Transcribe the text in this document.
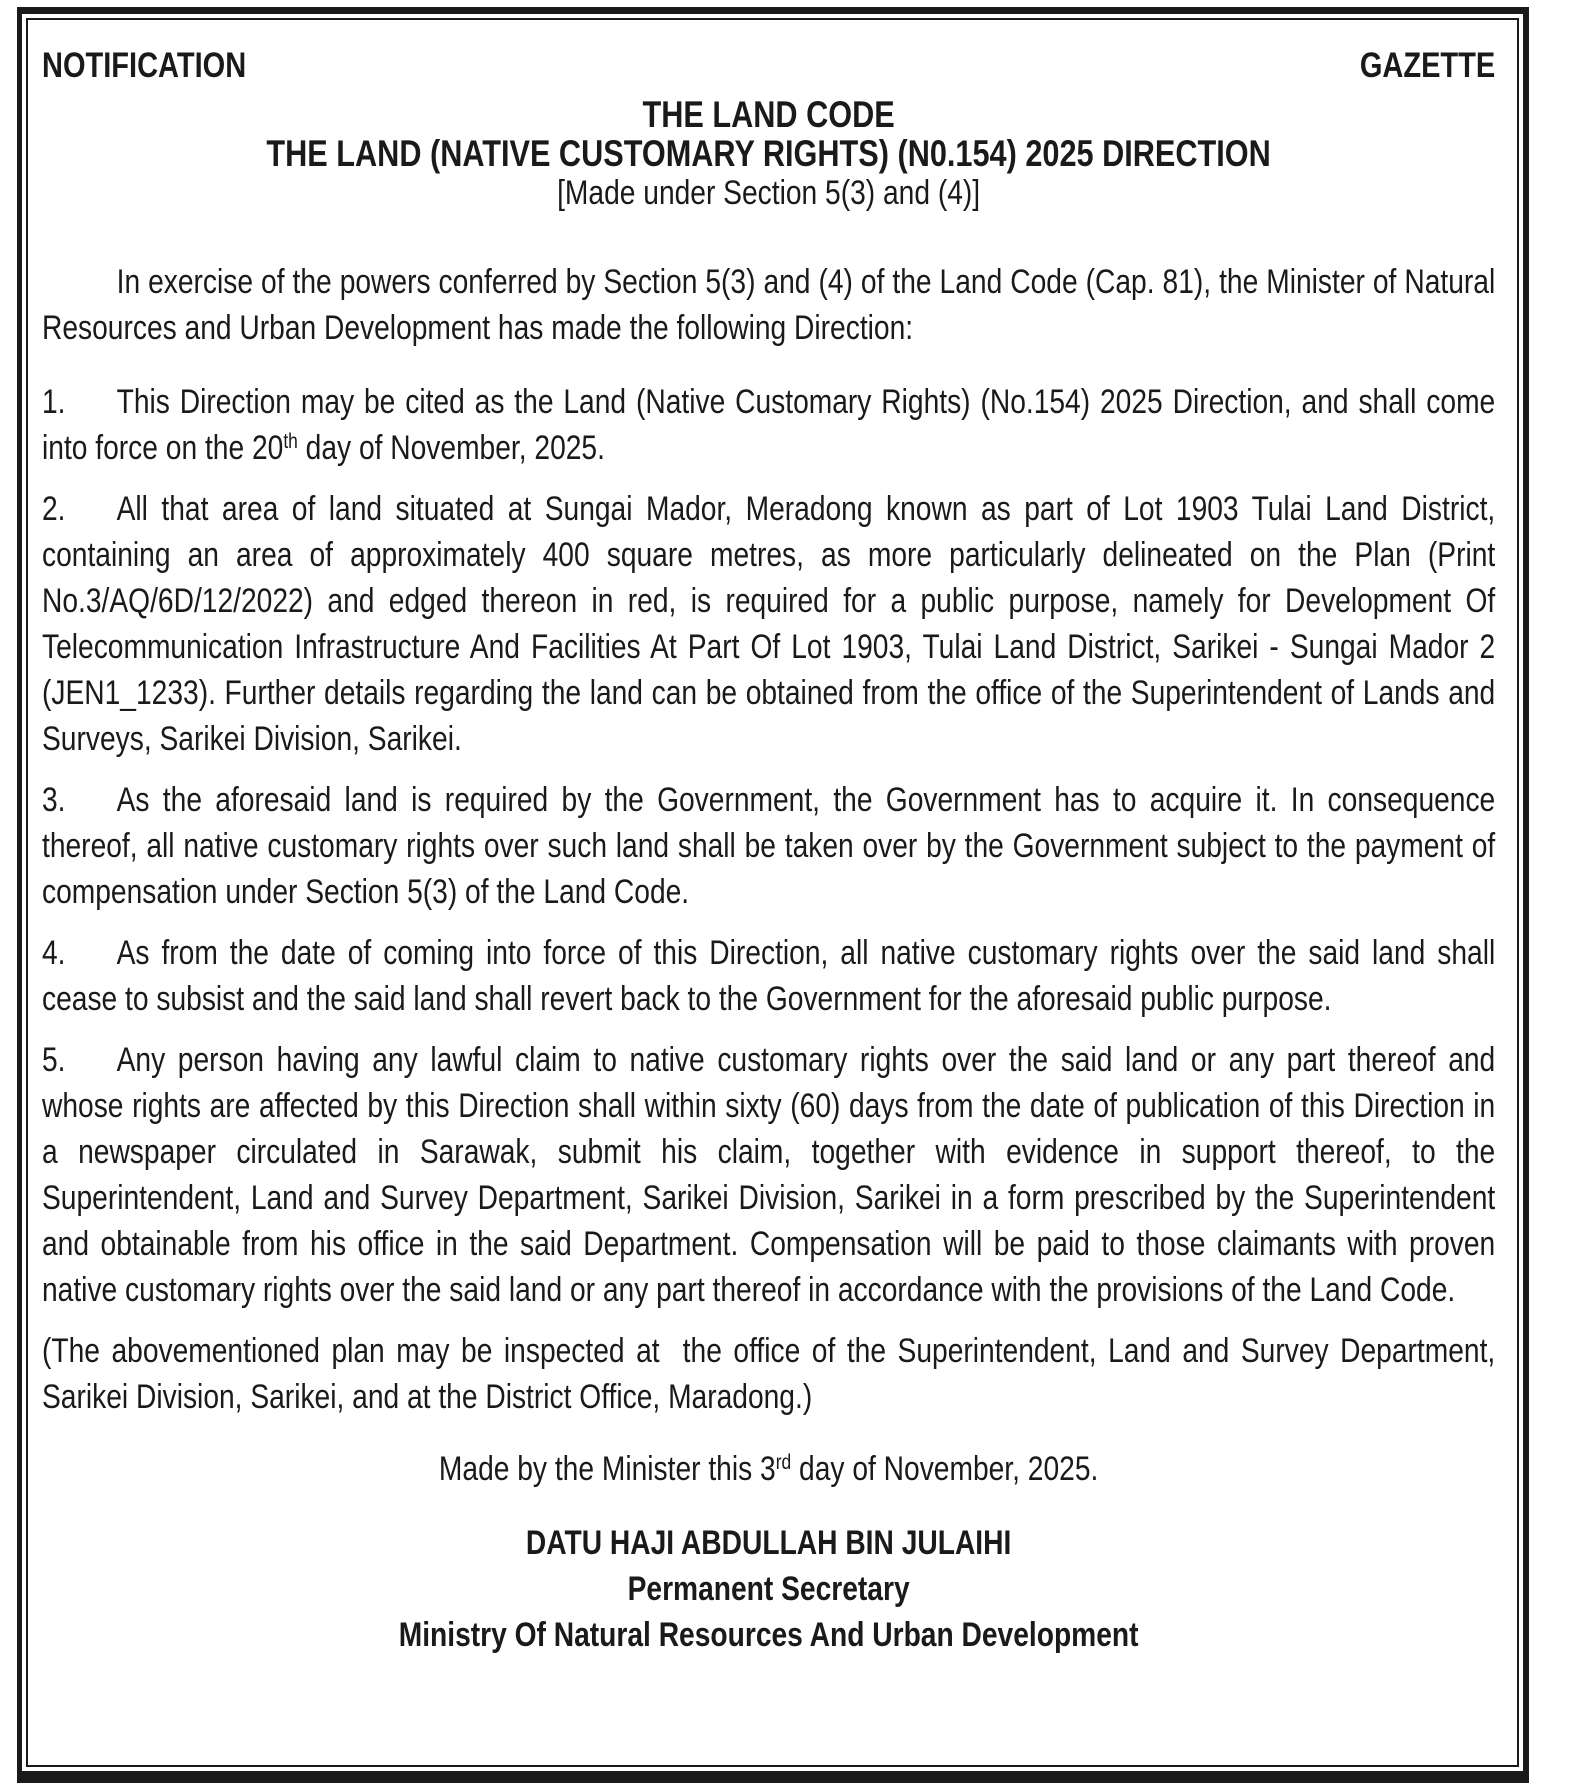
NOTIFICATION	GAZETTE
THE LAND CODE
THE LAND (NATIVE CUSTOMARY RIGHTS) (N0.154) 2025 DIRECTION
[Made under Section 5(3) and (4)]

In exercise of the powers conferred by Section 5(3) and (4) of the Land Code (Cap. 81), the Minister of Natural Resources and Urban Development has made the following Direction:

1. This Direction may be cited as the Land (Native Customary Rights) (No.154) 2025 Direction, and shall come into force on the 20th day of November, 2025.

2. All that area of land situated at Sungai Mador, Meradong known as part of Lot 1903 Tulai Land District, containing an area of approximately 400 square metres, as more particularly delineated on the Plan (Print No.3/AQ/6D/12/2022) and edged thereon in red, is required for a public purpose, namely for Development Of Telecommunication Infrastructure And Facilities At Part Of Lot 1903, Tulai Land District, Sarikei - Sungai Mador 2 (JEN1_1233). Further details regarding the land can be obtained from the office of the Superintendent of Lands and Surveys, Sarikei Division, Sarikei.

3. As the aforesaid land is required by the Government, the Government has to acquire it. In consequence thereof, all native customary rights over such land shall be taken over by the Government subject to the payment of compensation under Section 5(3) of the Land Code.

4. As from the date of coming into force of this Direction, all native customary rights over the said land shall cease to subsist and the said land shall revert back to the Government for the aforesaid public purpose.

5. Any person having any lawful claim to native customary rights over the said land or any part thereof and whose rights are affected by this Direction shall within sixty (60) days from the date of publication of this Direction in a newspaper circulated in Sarawak, submit his claim, together with evidence in support thereof, to the Superintendent, Land and Survey Department, Sarikei Division, Sarikei in a form prescribed by the Superintendent and obtainable from his office in the said Department. Compensation will be paid to those claimants with proven native customary rights over the said land or any part thereof in accordance with the provisions of the Land Code.

(The abovementioned plan may be inspected at  the office of the Superintendent, Land and Survey Department, Sarikei Division, Sarikei, and at the District Office, Maradong.)

Made by the Minister this 3rd day of November, 2025.

DATU HAJI ABDULLAH BIN JULAIHI
Permanent Secretary
Ministry Of Natural Resources And Urban Development
